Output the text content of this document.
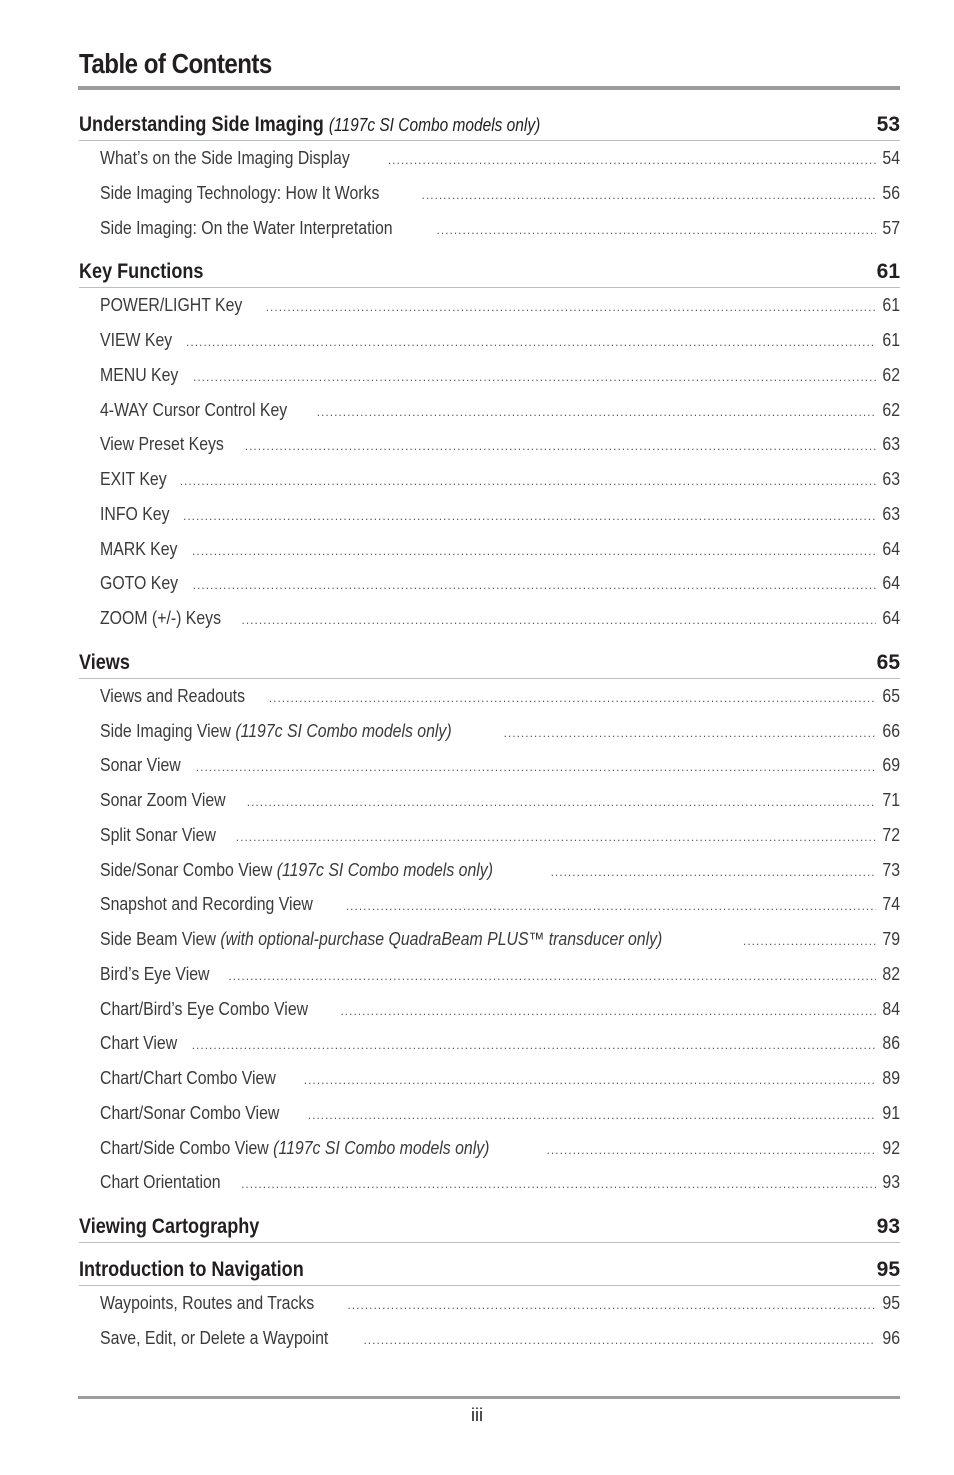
Table of Contents
Understanding Side Imaging (1197c SI Combo models only)	53
What’s on the Side Imaging Display .....	54
Side Imaging Technology: How It Works .....	56
Side Imaging: On the Water Interpretation .....	57
Key Functions	61
POWER/LIGHT Key .....	61
VIEW Key .....	61
MENU Key .....	62
4-WAY Cursor Control Key .....	62
View Preset Keys .....	63
EXIT Key .....	63
INFO Key .....	63
MARK Key .....	64
GOTO Key .....	64
ZOOM (+/-) Keys .....	64
Views	65
Views and Readouts .....	65
Side Imaging View (1197c SI Combo models only) .....	66
Sonar View .....	69
Sonar Zoom View .....	71
Split Sonar View .....	72
Side/Sonar Combo View (1197c SI Combo models only) .....	73
Snapshot and Recording View .....	74
Side Beam View (with optional-purchase QuadraBeam PLUS™ transducer only) .....	79
Bird’s Eye View .....	82
Chart/Bird’s Eye Combo View .....	84
Chart View .....	86
Chart/Chart Combo View .....	89
Chart/Sonar Combo View .....	91
Chart/Side Combo View (1197c SI Combo models only) .....	92
Chart Orientation .....	93
Viewing Cartography	93
Introduction to Navigation	95
Waypoints, Routes and Tracks .....	95
Save, Edit, or Delete a Waypoint .....	96
iii
